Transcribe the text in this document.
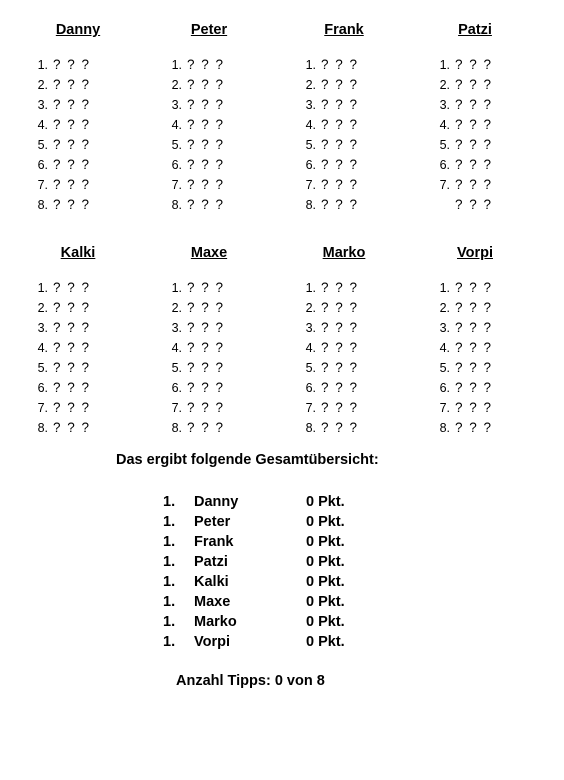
Danny
1. ? ? ?
2. ? ? ?
3. ? ? ?
4. ? ? ?
5. ? ? ?
6. ? ? ?
7. ? ? ?
8. ? ? ?
Peter
1. ? ? ?
2. ? ? ?
3. ? ? ?
4. ? ? ?
5. ? ? ?
6. ? ? ?
7. ? ? ?
8. ? ? ?
Frank
1. ? ? ?
2. ? ? ?
3. ? ? ?
4. ? ? ?
5. ? ? ?
6. ? ? ?
7. ? ? ?
8. ? ? ?
Patzi
1. ? ? ?
2. ? ? ?
3. ? ? ?
4. ? ? ?
5. ? ? ?
6. ? ? ?
7. ? ? ?
? ? ?
Kalki
1. ? ? ?
2. ? ? ?
3. ? ? ?
4. ? ? ?
5. ? ? ?
6. ? ? ?
7. ? ? ?
8. ? ? ?
Maxe
1. ? ? ?
2. ? ? ?
3. ? ? ?
4. ? ? ?
5. ? ? ?
6. ? ? ?
7. ? ? ?
8. ? ? ?
Marko
1. ? ? ?
2. ? ? ?
3. ? ? ?
4. ? ? ?
5. ? ? ?
6. ? ? ?
7. ? ? ?
8. ? ? ?
Vorpi
1. ? ? ?
2. ? ? ?
3. ? ? ?
4. ? ? ?
5. ? ? ?
6. ? ? ?
7. ? ? ?
8. ? ? ?
Das ergibt folgende Gesamtübersicht:
1. Danny	0 Pkt.
1. Peter	0 Pkt.
1. Frank	0 Pkt.
1. Patzi	0 Pkt.
1. Kalki	0 Pkt.
1. Maxe	0 Pkt.
1. Marko	0 Pkt.
1. Vorpi	0 Pkt.
Anzahl Tipps: 0 von 8
